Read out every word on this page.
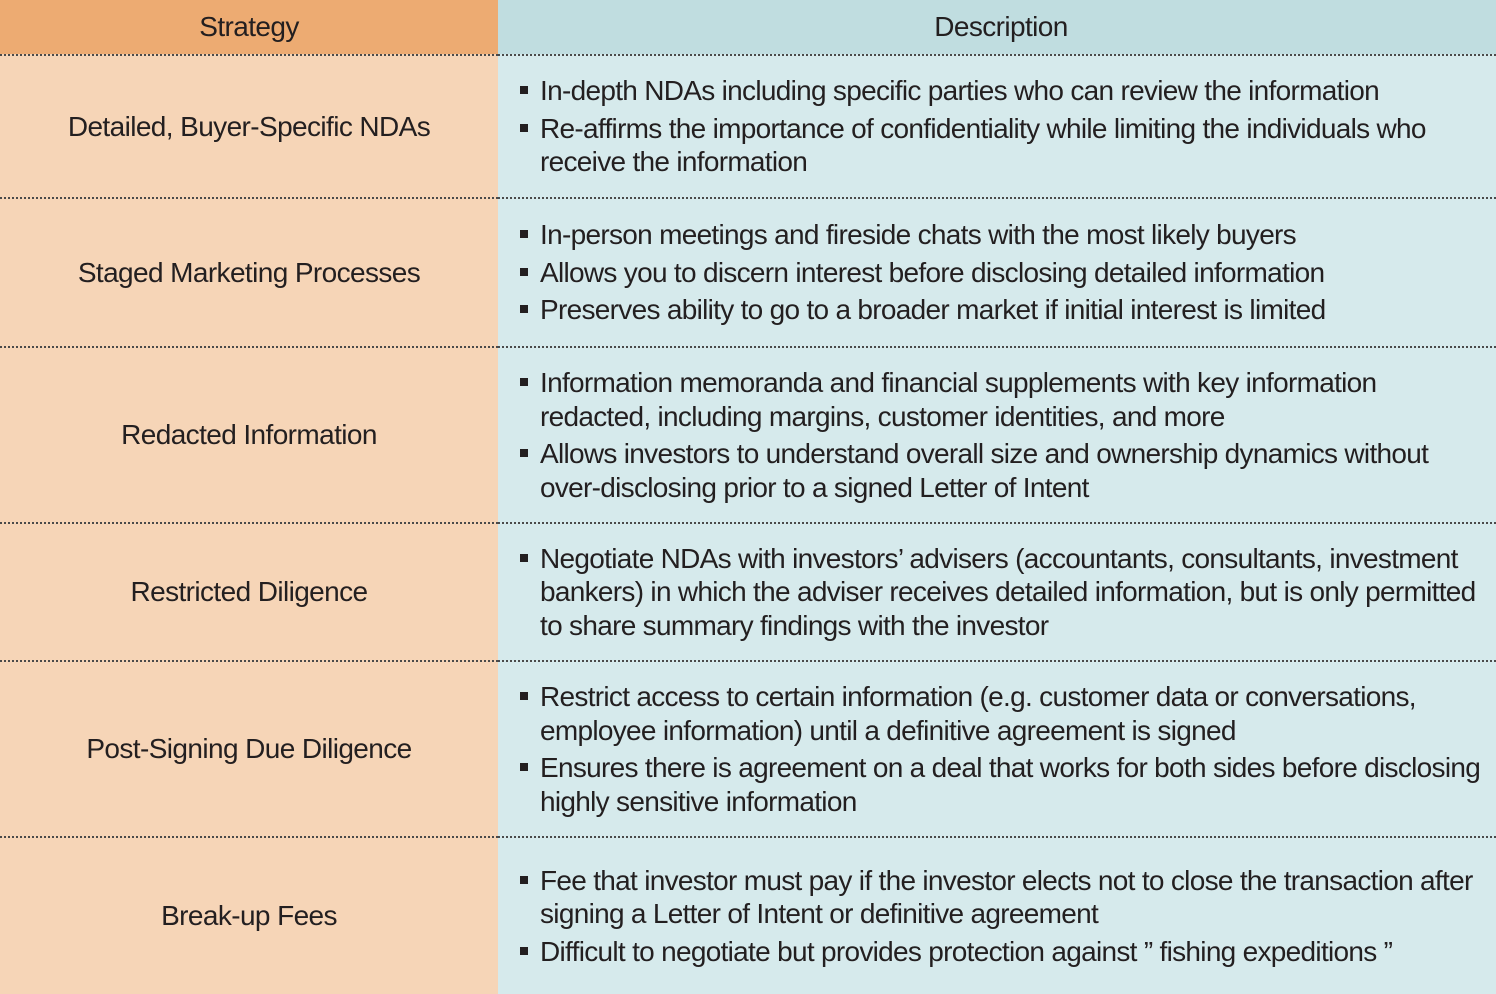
Strategy	Description
Detailed, Buyer-Specific NDAs
In-depth NDAs including specific parties who can review the information
Re-affirms the importance of confidentiality while limiting the individuals who receive the information
Staged Marketing Processes
In-person meetings and fireside chats with the most likely buyers
Allows you to discern interest before disclosing detailed information
Preserves ability to go to a broader market if initial interest is limited
Redacted Information
Information memoranda and financial supplements with key information redacted, including margins, customer identities, and more
Allows investors to understand overall size and ownership dynamics without over-disclosing prior to a signed Letter of Intent
Restricted Diligence
Negotiate NDAs with investors’ advisers (accountants, consultants, investment bankers) in which the adviser receives detailed information, but is only permitted to share summary findings with the investor
Post-Signing Due Diligence
Restrict access to certain information (e.g. customer data or conversations, employee information) until a definitive agreement is signed
Ensures there is agreement on a deal that works for both sides before disclosing highly sensitive information
Break-up Fees
Fee that investor must pay if the investor elects not to close the transaction after signing a Letter of Intent or definitive agreement
Difficult to negotiate but provides protection against ” fishing expeditions ”
